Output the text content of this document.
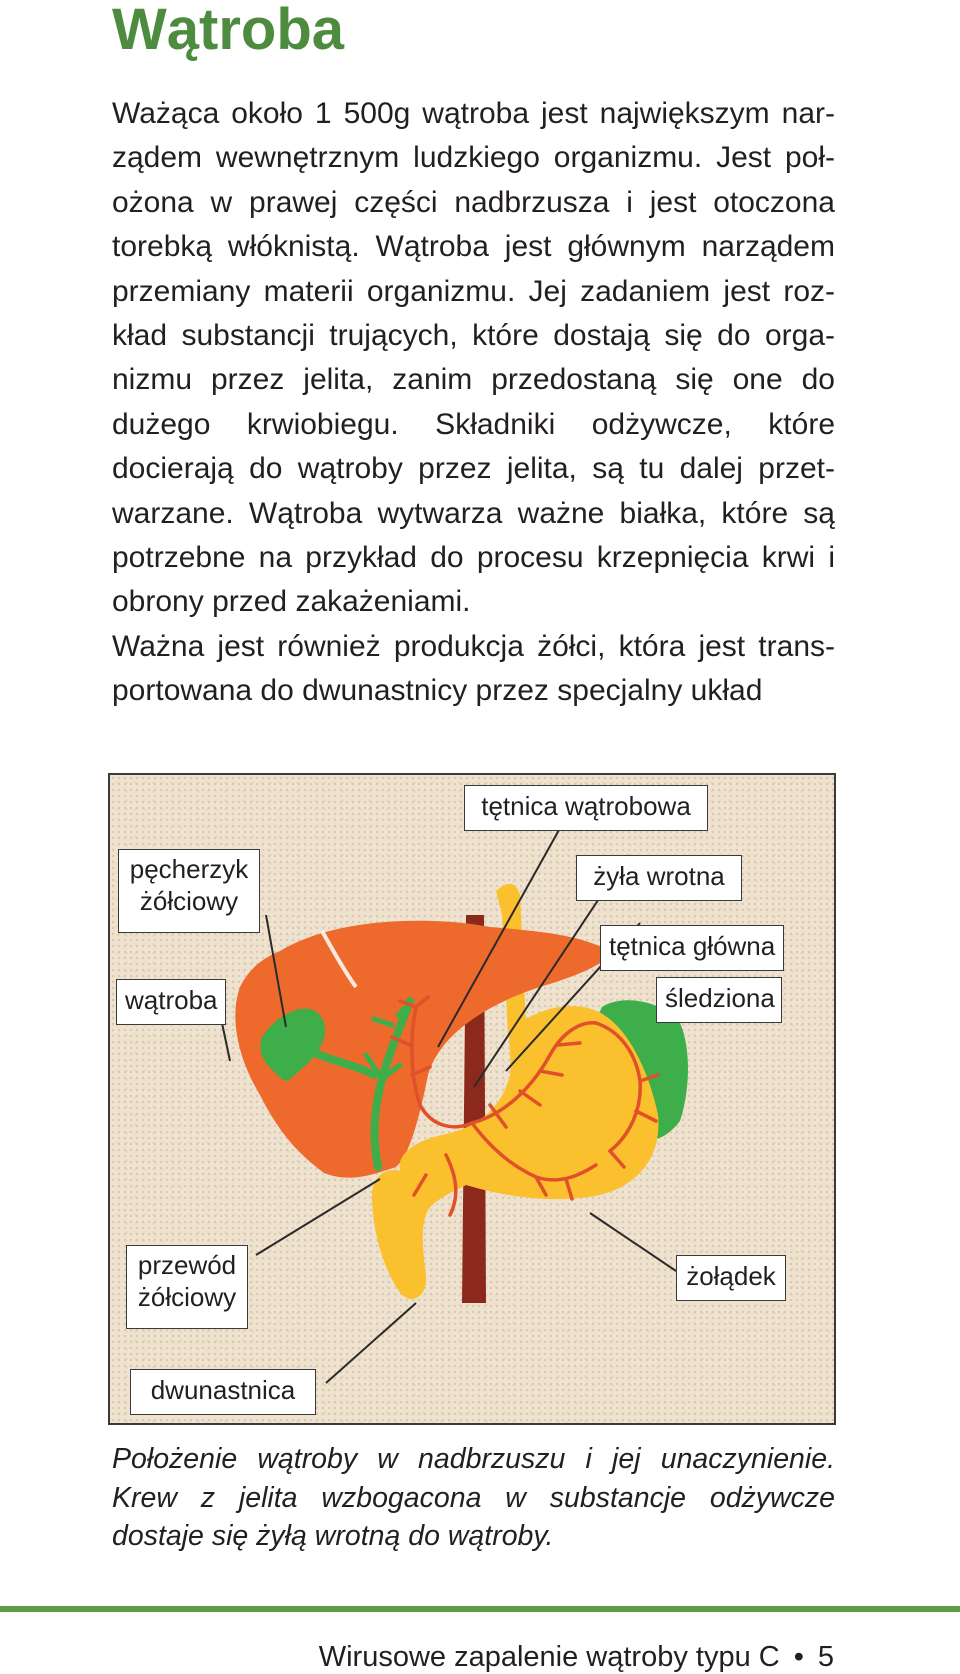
Wątroba
Ważąca około 1 500g wątroba jest największym nar-
ządem wewnętrznym ludzkiego organizmu. Jest poł-
ożona w prawej części nadbrzusza i jest otoczona
torebką włóknistą. Wątroba jest głównym narządem
przemiany materii organizmu. Jej zadaniem jest roz-
kład substancji trujących, które dostają się do orga-
nizmu przez jelita, zanim przedostaną się one do
dużego krwiobiegu. Składniki odżywcze, które
docierają do wątroby przez jelita, są tu dalej przet-
warzane. Wątroba wytwarza ważne białka, które są
potrzebne na przykład do procesu krzepnięcia krwi i
obrony przed zakażeniami.
Ważna jest również produkcja żółci, która jest trans-
portowana do dwunastnicy przez specjalny układ
tętnica wątrobowa
pęcherzyk
żółciowy
żyła wrotna
tętnica główna
wątroba	śledziona
przewód
żółciowy
żołądek
dwunastnica
Położenie wątroby w nadbrzuszu i jej unaczynienie.
Krew z jelita wzbogacona w substancje odżywcze
dostaje się żyłą wrotną do wątroby.
Wirusowe zapalenie wątroby typu C • 5
